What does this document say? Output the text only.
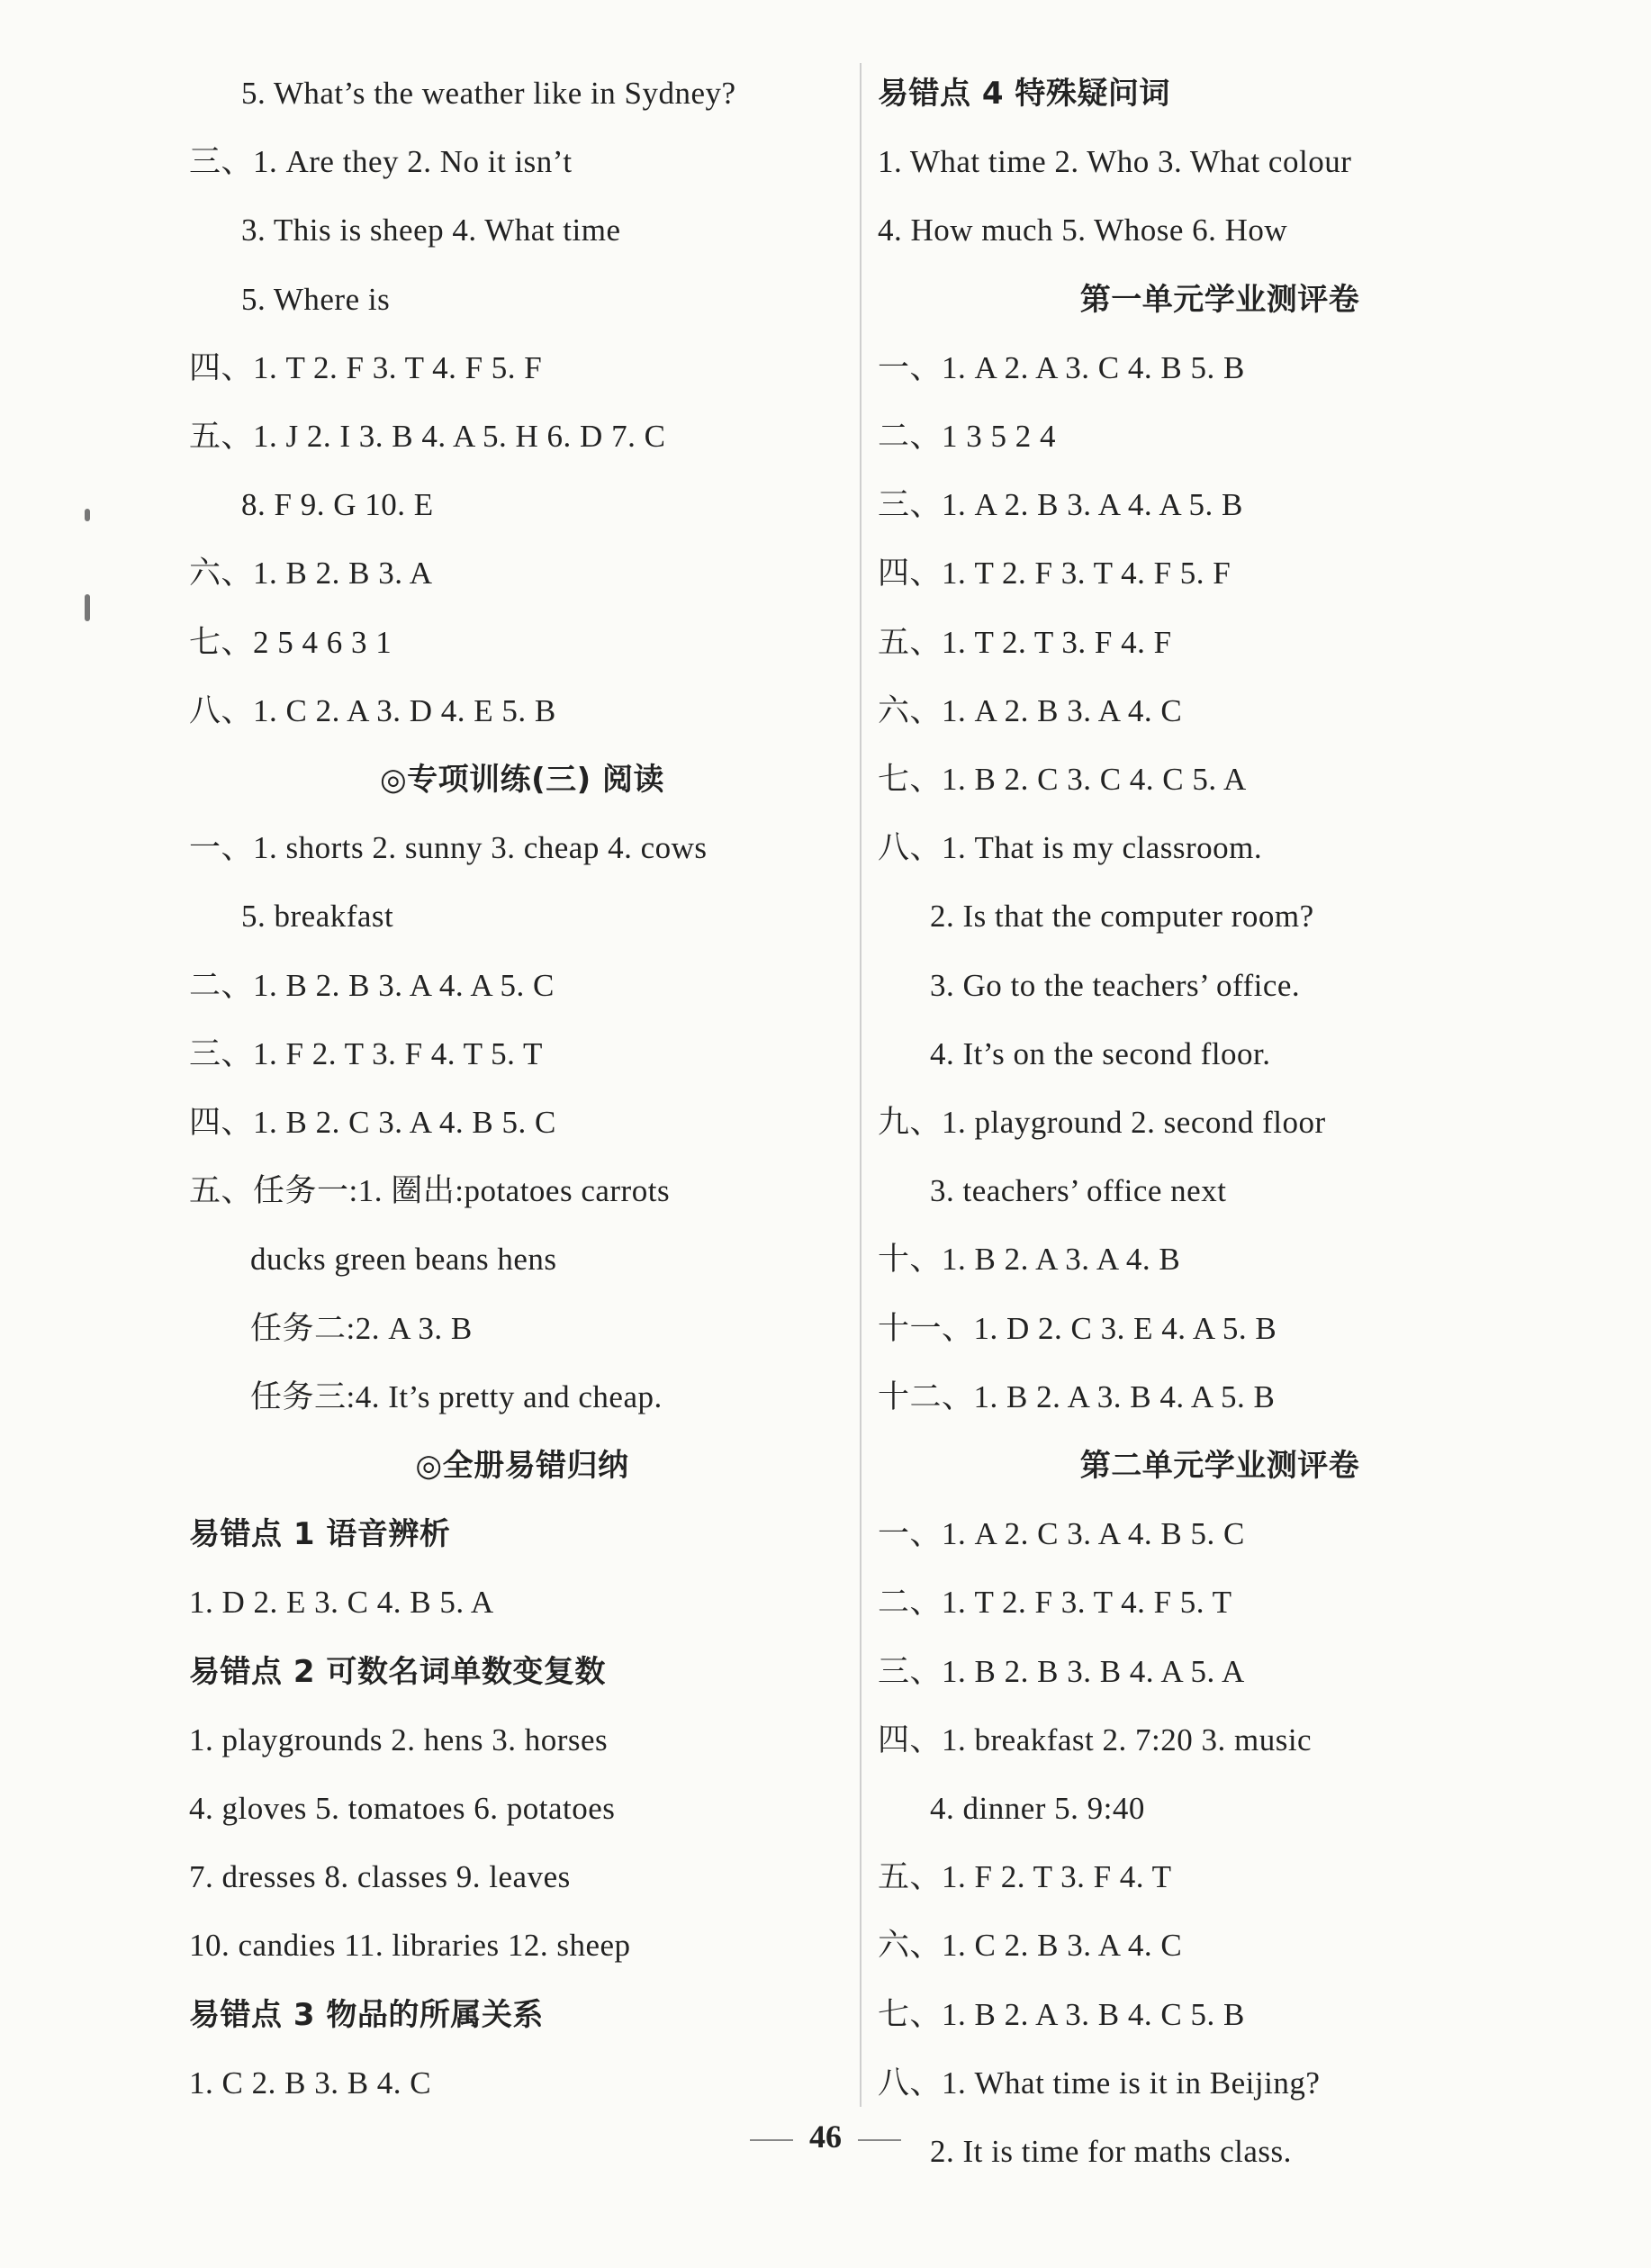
5. What’s the weather like in Sydney?
三、1. Are they 2. No it isn’t
3. This is sheep 4. What time
5. Where is
四、1. T 2. F 3. T 4. F 5. F
五、1. J 2. I 3. B 4. A 5. H 6. D 7. C
8. F 9. G 10. E
六、1. B 2. B 3. A
七、2 5 4 6 3 1
八、1. C 2. A 3. D 4. E 5. B
◎专项训练(三) 阅读
一、1. shorts 2. sunny 3. cheap 4. cows
5. breakfast
二、1. B 2. B 3. A 4. A 5. C
三、1. F 2. T 3. F 4. T 5. T
四、1. B 2. C 3. A 4. B 5. C
五、任务一:1. 圈出:potatoes carrots
ducks green beans hens
任务二:2. A 3. B
任务三:4. It’s pretty and cheap.
◎全册易错归纳
易错点 1 语音辨析
1. D 2. E 3. C 4. B 5. A
易错点 2 可数名词单数变复数
1. playgrounds 2. hens 3. horses
4. gloves 5. tomatoes 6. potatoes
7. dresses 8. classes 9. leaves
10. candies 11. libraries 12. sheep
易错点 3 物品的所属关系
1. C 2. B 3. B 4. C
易错点 4 特殊疑问词
1. What time 2. Who 3. What colour
4. How much 5. Whose 6. How
第一单元学业测评卷
一、1. A 2. A 3. C 4. B 5. B
二、1 3 5 2 4
三、1. A 2. B 3. A 4. A 5. B
四、1. T 2. F 3. T 4. F 5. F
五、1. T 2. T 3. F 4. F
六、1. A 2. B 3. A 4. C
七、1. B 2. C 3. C 4. C 5. A
八、1. That is my classroom.
2. Is that the computer room?
3. Go to the teachers’ office.
4. It’s on the second floor.
九、1. playground 2. second floor
3. teachers’ office next
十、1. B 2. A 3. A 4. B
十一、1. D 2. C 3. E 4. A 5. B
十二、1. B 2. A 3. B 4. A 5. B
第二单元学业测评卷
一、1. A 2. C 3. A 4. B 5. C
二、1. T 2. F 3. T 4. F 5. T
三、1. B 2. B 3. B 4. A 5. A
四、1. breakfast 2. 7:20 3. music
4. dinner 5. 9:40
五、1. F 2. T 3. F 4. T
六、1. C 2. B 3. A 4. C
七、1. B 2. A 3. B 4. C 5. B
八、1. What time is it in Beijing?
2. It is time for maths class.
46
